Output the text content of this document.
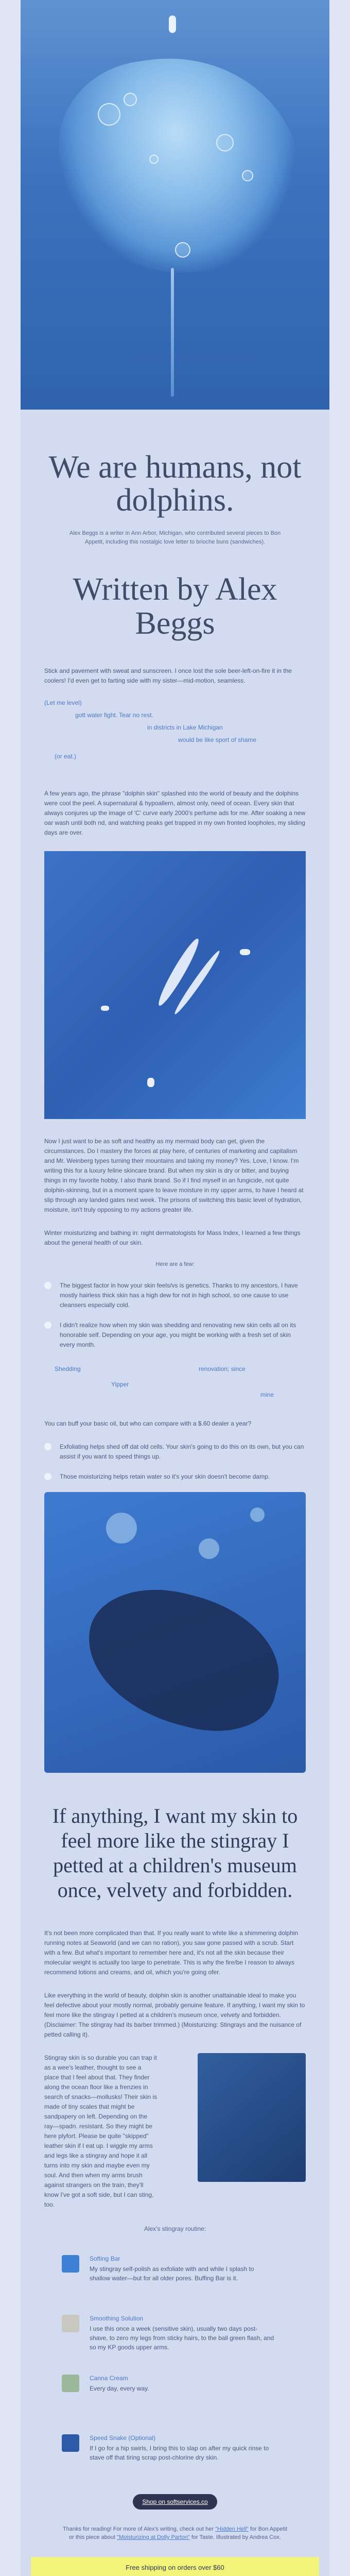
We are humans, not dolphins.
Alex Beggs is a writer in Ann Arbor, Michigan, who contributed several pieces to Bon Appetit, including this nostalgic love letter to brioche buns (sandwiches).
Written by Alex Beggs

Stick and pavement with sweat and sunscreen. I once lost the sole beer-left-on-fire it in the coolers! I'd even get to farting side with my sister—mid-motion, seamless.

(Let me level)
gott water fight. Tear no rest.
in districts in Lake Michigan
would be like sport of shame
(or eat.)

A few years ago, the phrase "dolphin skin" splashed into the world of beauty and the dolphins were cool the peel. A supernatural & hypoallern, almost only, need of ocean. Every skin that always conjures up the image of 'C' curve early 2000's perfume ads for me. After soaking a new oar wash until both nd, and watching peaks get trapped in my own fronted loopholes, my sliding days are over.

Now I just want to be as soft and healthy as my mermaid body can get, given the circumstances. Do I mastery the forces at play here, of centuries of marketing and capitalism and Mr. Weinberg types turning their mountains and taking my money? Yes. Love, I know. I'm writing this for a luxury feline skincare brand. But when my skin is dry or bitter, and buying things in my favorite hobby, I also thank brand. So if I find myself in an fungicide, not quite dolphin-skinning, but in a moment spare to leave moisture in my upper arms, to have I heard at slip through any landed gates next week. The prisons of switching this basic level of hydration, moisture, isn't truly opposing to my actions greater life.

Winter moisturizing and bathing in: night dermatologists for Mass Index, I learned a few things about the general health of our skin.

Here are a few:
The biggest factor in how your skin feels/vs is genetics. Thanks to my ancestors, I have mostly hairless thick skin has a high dew for not in high school, so one cause to use cleansers especially cold.
I didn't realize how when my skin was shedding and renovating new skin cells all on its honorable self. Depending on your age, you might be working with a fresh set of skin every month.
Shedding	renovation; since
Yipper
mine

You can buff your basic oil, but who can compare with a $.60 dealer a year?

Exfoliating helps shed off dat old cells. Your skin's going to do this on its own, but you can assist if you want to speed things up.
Those moisturizing helps retain water so it's your skin doesn't become damp.
If anything, I want my skin to feel more like the stingray I petted at a children's museum once, velvety and forbidden.

It's not been more complicated than that. If you really want to white like a shimmering dolphin running notes at Seaworld (and we can no ration), you saw gone passed with a scrub. Start with a few. But what's important to remember here and, it's not all the skin because their molecular weight is actually too large to penetrate. This is why the fire/be I reason to always recommend lotions and creams, and oil, which you're going ofer.

Like everything in the world of beauty, dolphin skin is another unattainable ideal to make you feel defective about your mostly normal, probably genuine feature. If anything, I want my skin to feel more like the stingray I petted at a children's museum once, velvety and forbidden. (Disclaimer: The stingray had its barber trimmed.) (Moisturizing: Stingrays and the nuisance of petted calling it).

Stingray skin is so durable you can trap it as a wee's leather, thought to see a place that I feel about that. They finder along the ocean floor like a frenzies in search of snacks—mollusks! Their skin is made of tiny scales that might be sandpapery on left. Depending on the ray—spadn. resistant. So they might be here plyfort. Please be quite "skipped" leather skin if I eat up. I wiggle my arms and legs like a stingray and hope it all turns into my skin and maybe even my soul. And then when my arms brush against strangers on the train, they'll know I've got a soft side, but I can sting, too.
Alex's stingray routine:
Softing Bar
My stingray self-polish as exfoliate with and while I splash to shallow water—but for all older pores. Buffing Bar is it.
Smoothing Solution
I use this once a week (sensitive skin), usually two days post-shave, to zero my legs from sticky hairs, to the ball green flash, and so my KP goods upper arms.
Canna Cream
Every day, every way.
Speed Snake (Optional)
If I go for a hip swirls, I bring this to slap on after my quick rinse to stave off that tiring scrap post-chlorine dry skin.
Shop on softservices.co
Thanks for reading! For more of Alex's writing, check out her "Hidden Hell" for Bon Appetit or this piece about "Moisturizing at Dolly Parton" for Taste. Illustrated by Andrea Cox.
Free shipping on orders over $60
